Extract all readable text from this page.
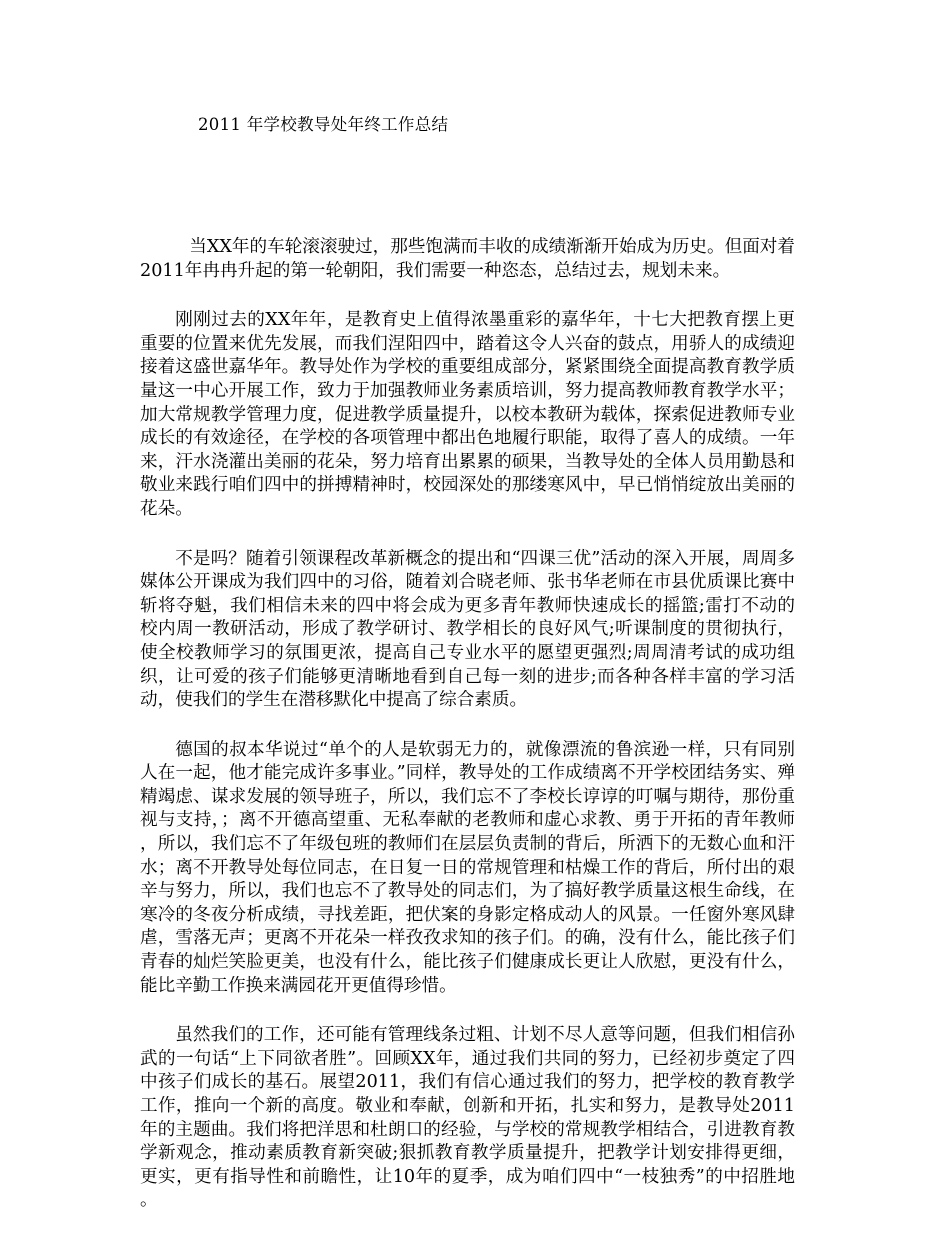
2011 年学校教导处年终工作总结

当XX年的车轮滚滚驶过，那些饱满而丰收的成绩渐渐开始成为历史。但面对着2011年冉冉升起的第一轮朝阳，我们需要一种恣态，总结过去，规划未来。

刚刚过去的XX年年，是教育史上值得浓墨重彩的嘉华年，十七大把教育摆上更重要的位置来优先发展，而我们涅阳四中，踏着这令人兴奋的鼓点，用骄人的成绩迎接着这盛世嘉华年。教导处作为学校的重要组成部分，紧紧围绕全面提高教育教学质量这一中心开展工作，致力于加强教师业务素质培训，努力提高教师教育教学水平；加大常规教学管理力度，促进教学质量提升，以校本教研为载体，探索促进教师专业成长的有效途径，在学校的各项管理中都出色地履行职能，取得了喜人的成绩。一年来，汗水浇灌出美丽的花朵，努力培育出累累的硕果，当教导处的全体人员用勤恳和敬业来践行咱们四中的拼搏精神时，校园深处的那缕寒风中，早已悄悄绽放出美丽的花朵。

不是吗？随着引领课程改革新概念的提出和“四课三优”活动的深入开展，周周多媒体公开课成为我们四中的习俗，随着刘合晓老师、张书华老师在市县优质课比赛中斩将夺魁，我们相信未来的四中将会成为更多青年教师快速成长的摇篮;雷打不动的校内周一教研活动，形成了教学研讨、教学相长的良好风气;听课制度的贯彻执行，使全校教师学习的氛围更浓，提高自己专业水平的愿望更强烈;周周清考试的成功组织，让可爱的孩子们能够更清晰地看到自己每一刻的进步;而各种各样丰富的学习活动，使我们的学生在潜移默化中提高了综合素质。

德国的叔本华说过“单个的人是软弱无力的，就像漂流的鲁滨逊一样，只有同别人在一起，他才能完成许多事业。”同样，教导处的工作成绩离不开学校团结务实、殚精竭虑、谋求发展的领导班子，所以，我们忘不了李校长谆谆的叮嘱与期待，那份重视与支持，；离不开德高望重、无私奉献的老教师和虚心求教、勇于开拓的青年教师，所以，我们忘不了年级包班的教师们在层层负责制的背后，所洒下的无数心血和汗水；离不开教导处每位同志，在日复一日的常规管理和枯燥工作的背后，所付出的艰辛与努力，所以，我们也忘不了教导处的同志们，为了搞好教学质量这根生命线，在寒冷的冬夜分析成绩，寻找差距，把伏案的身影定格成动人的风景。一任窗外寒风肆虐，雪落无声；更离不开花朵一样孜孜求知的孩子们。的确，没有什么，能比孩子们青春的灿烂笑脸更美，也没有什么，能比孩子们健康成长更让人欣慰，更没有什么，能比辛勤工作换来满园花开更值得珍惜。

虽然我们的工作，还可能有管理线条过粗、计划不尽人意等问题，但我们相信孙武的一句话“上下同欲者胜”。回顾XX年，通过我们共同的努力，已经初步奠定了四中孩子们成长的基石。展望2011，我们有信心通过我们的努力，把学校的教育教学工作，推向一个新的高度。敬业和奉献，创新和开拓，扎实和努力，是教导处2011年的主题曲。我们将把洋思和杜朗口的经验，与学校的常规教学相结合，引进教育教学新观念，推动素质教育新突破;狠抓教育教学质量提升，把教学计划安排得更细，更实，更有指导性和前瞻性，让10年的夏季，成为咱们四中“一枝独秀”的中招胜地。
